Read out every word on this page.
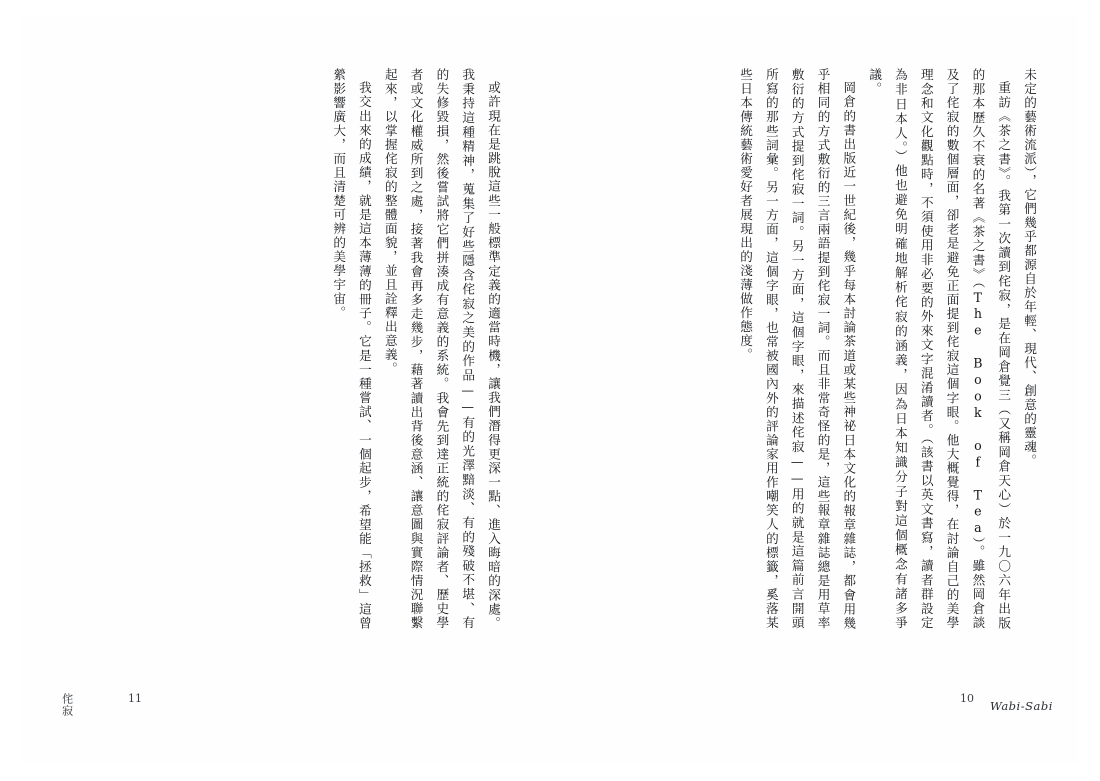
未定的藝術流派），它們幾乎都源自於年輕、現代、創意的靈魂。

重訪《茶之書》。我第一次讀到侘寂，是在岡倉覺三（又稱岡倉天心）於一九〇六年出版的那本歷久不衰的名著《茶之書》（The Book of Tea）。雖然岡倉談及了侘寂的數個層面，卻老是避免正面提到侘寂這個字眼。他大概覺得，在討論自己的美學理念和文化觀點時，不須使用非必要的外來文字混淆讀者。（該書以英文書寫，讀者群設定為非日本人。）他也避免明確地解析侘寂的涵義，因為日本知識分子對這個概念有諸多爭議。

岡倉的書出版近一世紀後，幾乎每本討論茶道或某些神祕日本文化的報章雜誌，都會用幾乎相同的方式敷衍的三言兩語提到侘寂一詞。而且非常奇怪的是，這些報章雜誌總是用草率敷衍的方式提到侘寂一詞。另一方面，這個字眼，來描述侘寂——用的就是這篇前言開頭所寫的那些詞彙。另一方面，這個字眼，也常被國內外的評論家用作嘲笑人的標籤，奚落某些日本傳統藝術愛好者展現出的淺薄做作態度。

10
Wabi-Sabi

或許現在是跳脫這些一般標準定義的適當時機，讓我們潛得更深一點、進入晦暗的深處。我秉持這種精神，蒐集了好些隱含侘寂之美的作品——有的光澤黯淡、有的殘破不堪、有的失修毀損，然後嘗試將它們拼湊成有意義的系統。我會先到達正統的侘寂評論者、歷史學者或文化權威所到之處，接著我會再多走幾步，藉著讀出背後意涵、讓意圖與實際情況聯繫起來，以掌握侘寂的整體面貌，並且詮釋出意義。

我交出來的成績，就是這本薄薄的冊子。它是一種嘗試、一個起步，希望能「拯救」這曾縈影響廣大，而且清楚可辨的美學宇宙。

11
侘寂
